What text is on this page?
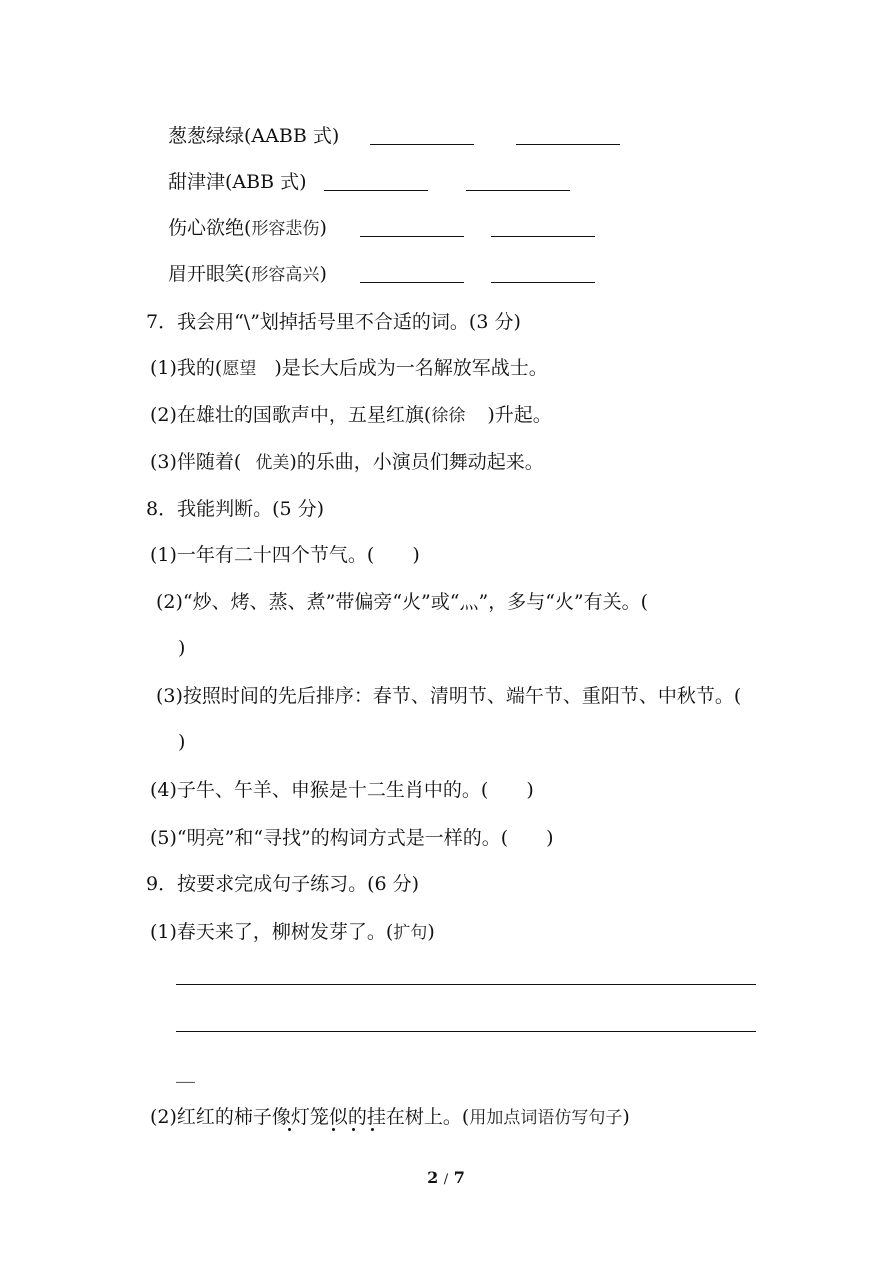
葱葱绿绿(AABB 式)
甜津津(ABB 式)
伤心欲绝(形容悲伤)
眉开眼笑(形容高兴)
7．我会用“\”划掉括号里不合适的词。(3 分)
(1)我的(愿望 )是长大后成为一名解放军战士。
(2)在雄壮的国歌声中，五星红旗(徐徐 )升起。
(3)伴随着( 优美)的乐曲，小演员们舞动起来。
8．我能判断。(5 分)
(1)一年有二十四个节气。(　　)
(2)“炒、烤、蒸、煮”带偏旁“火”或“灬”，多与“火”有关。(
)
(3)按照时间的先后排序：春节、清明节、端午节、重阳节、中秋节。(
)
(4)子牛、午羊、申猴是十二生肖中的。(　　)
(5)“明亮”和“寻找”的构词方式是一样的。(　　)
9．按要求完成句子练习。(6 分)
(1)春天来了，柳树发芽了。(扩句)
__
(2)红红的柿子像灯笼似的挂在树上。(用加点词语仿写句子)
2 / 7
